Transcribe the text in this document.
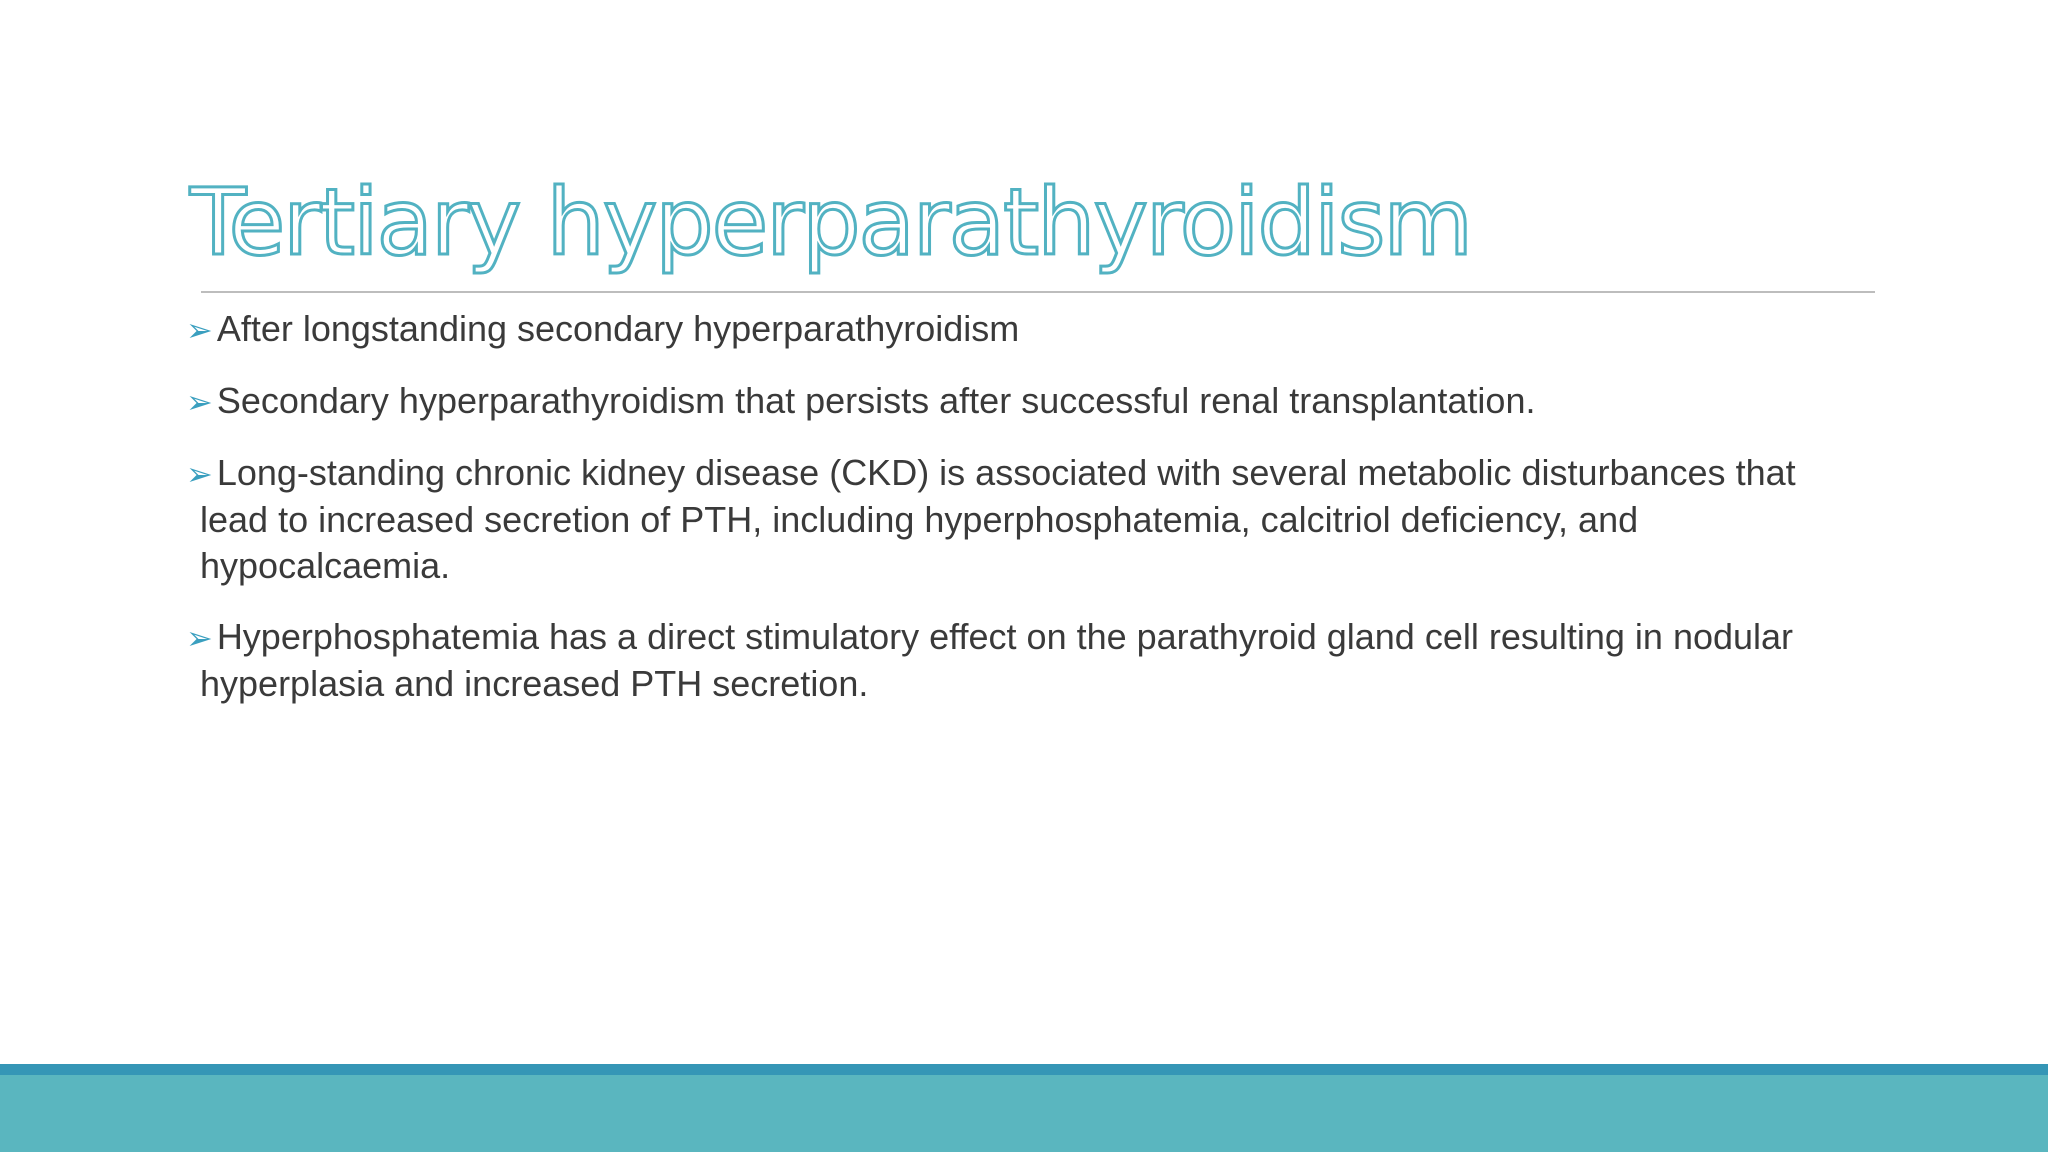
Tertiary hyperparathyroidism
➢ After longstanding secondary hyperparathyroidism
➢ Secondary hyperparathyroidism that persists after successful renal transplantation.
➢ Long-standing chronic kidney disease (CKD) is associated with several metabolic disturbances that lead to increased secretion of PTH, including hyperphosphatemia, calcitriol deficiency, and hypocalcaemia.
➢ Hyperphosphatemia has a direct stimulatory effect on the parathyroid gland cell resulting in nodular hyperplasia and increased PTH secretion.
